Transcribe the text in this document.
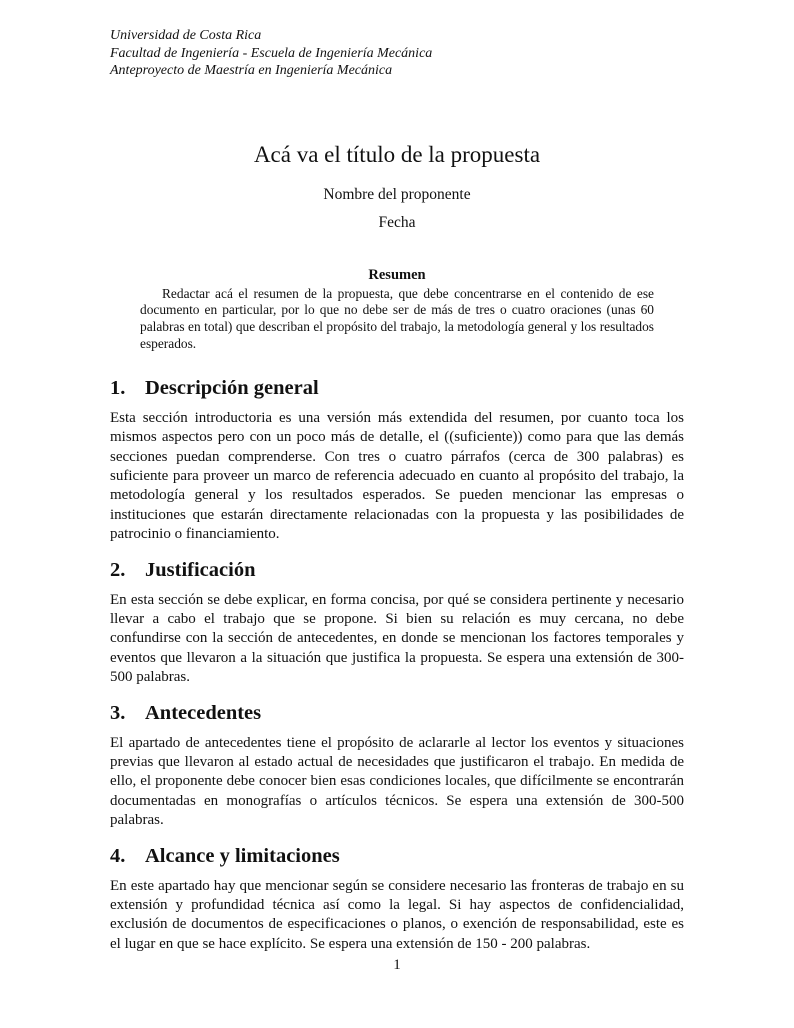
Universidad de Costa Rica
Facultad de Ingeniería - Escuela de Ingeniería Mecánica
Anteproyecto de Maestría en Ingeniería Mecánica
Acá va el título de la propuesta
Nombre del proponente
Fecha
Resumen
Redactar acá el resumen de la propuesta, que debe concentrarse en el contenido de ese documento en particular, por lo que no debe ser de más de tres o cuatro oraciones (unas 60 palabras en total) que describan el propósito del trabajo, la metodología general y los resultados esperados.
1. Descripción general

Esta sección introductoria es una versión más extendida del resumen, por cuanto toca los mismos aspectos pero con un poco más de detalle, el ((suficiente)) como para que las demás secciones puedan comprenderse. Con tres o cuatro párrafos (cerca de 300 palabras) es suficiente para proveer un marco de referencia adecuado en cuanto al propósito del trabajo, la metodología general y los resultados esperados. Se pueden mencionar las empresas o instituciones que estarán directamente relacionadas con la propuesta y las posibilidades de patrocinio o financiamiento.

2. Justificación

En esta sección se debe explicar, en forma concisa, por qué se considera pertinente y necesario llevar a cabo el trabajo que se propone. Si bien su relación es muy cercana, no debe confundirse con la sección de antecedentes, en donde se mencionan los factores temporales y eventos que llevaron a la situación que justifica la propuesta. Se espera una extensión de 300-500 palabras.

3. Antecedentes

El apartado de antecedentes tiene el propósito de aclararle al lector los eventos y situaciones previas que llevaron al estado actual de necesidades que justificaron el trabajo. En medida de ello, el proponente debe conocer bien esas condiciones locales, que difícilmente se encontrarán documentadas en monografías o artículos técnicos. Se espera una extensión de 300-500 palabras.

4. Alcance y limitaciones

En este apartado hay que mencionar según se considere necesario las fronteras de trabajo en su extensión y profundidad técnica así como la legal. Si hay aspectos de confidencialidad, exclusión de documentos de especificaciones o planos, o exención de responsabilidad, este es el lugar en que se hace explícito. Se espera una extensión de 150 - 200 palabras.

1
